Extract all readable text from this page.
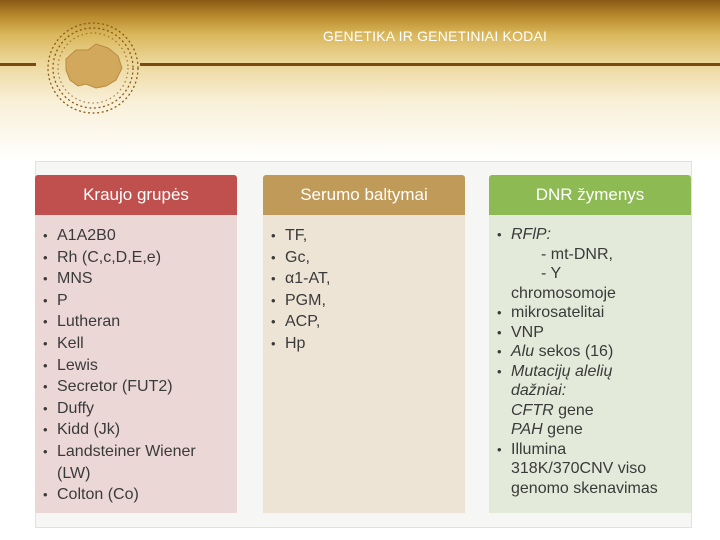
GENETIKA IR GENETINIAI KODAI
Kraujo grupės
• A1A2B0
• Rh (C,c,D,E,e)
• MNS
• P
• Lutheran
• Kell
• Lewis
• Secretor (FUT2)
• Duffy
• Kidd (Jk)
• Landsteiner Wiener
(LW)
• Colton (Co)
Serumo baltymai
• TF,
• Gc,
• α1-AT,
• PGM,
• ACP,
• Hp
DNR žymenys
• RFlP:
- mt-DNR,
- Y
chromosomoje
• mikrosatelitai
• VNP
• Alu sekos (16)
• Mutacijų alelių
dažniai:
CFTR gene
PAH gene
• Illumina
318K/370CNV viso
genomo skenavimas
